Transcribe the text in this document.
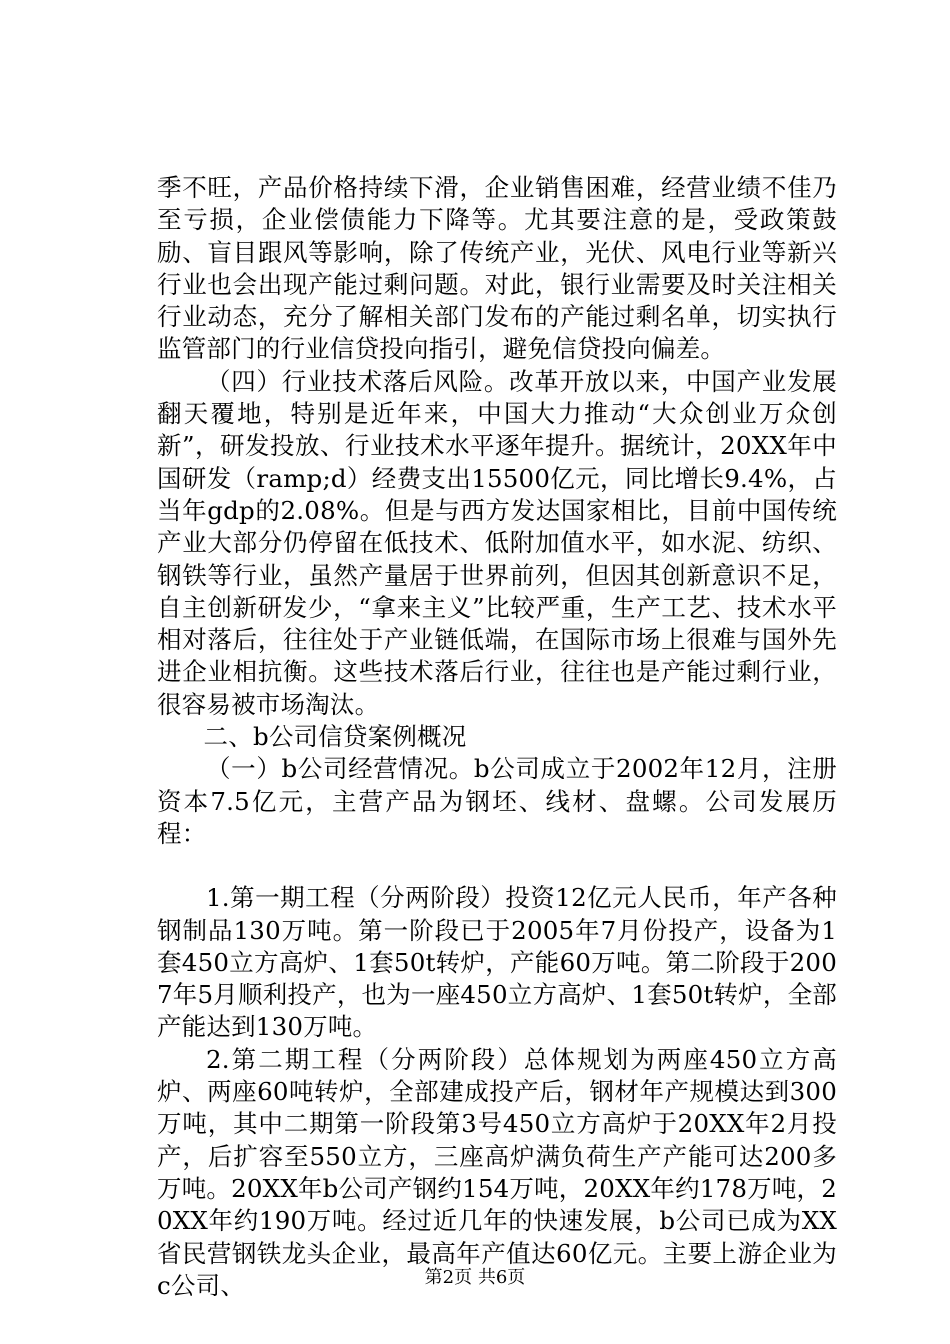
季不旺，产品价格持续下滑，企业销售困难，经营业绩不佳乃至亏损，企业偿债能力下降等。尤其要注意的是，受政策鼓励、盲目跟风等影响，除了传统产业，光伏、风电行业等新兴行业也会出现产能过剩问题。对此，银行业需要及时关注相关行业动态，充分了解相关部门发布的产能过剩名单，切实执行监管部门的行业信贷投向指引，避免信贷投向偏差。

（四）行业技术落后风险。改革开放以来，中国产业发展翻天覆地，特别是近年来，中国大力推动“大众创业万众创新”，研发投放、行业技术水平逐年提升。据统计，20XX年中国研发（ramp;d）经费支出15500亿元，同比增长9.4%，占当年gdp的2.08%。但是与西方发达国家相比，目前中国传统产业大部分仍停留在低技术、低附加值水平，如水泥、纺织、钢铁等行业，虽然产量居于世界前列，但因其创新意识不足，自主创新研发少，“拿来主义”比较严重，生产工艺、技术水平相对落后，往往处于产业链低端，在国际市场上很难与国外先进企业相抗衡。这些技术落后行业，往往也是产能过剩行业，很容易被市场淘汰。

二、b公司信贷案例概况

（一）b公司经营情况。b公司成立于2002年12月，注册资本7.5亿元，主营产品为钢坯、线材、盘螺。公司发展历程：

1.第一期工程（分两阶段）投资12亿元人民币，年产各种钢制品130万吨。第一阶段已于2005年7月份投产，设备为1套450立方高炉、1套50t转炉，产能60万吨。第二阶段于2007年5月顺利投产，也为一座450立方高炉、1套50t转炉，全部产能达到130万吨。

2.第二期工程（分两阶段）总体规划为两座450立方高炉、两座60吨转炉，全部建成投产后，钢材年产规模达到300万吨，其中二期第一阶段第3号450立方高炉于20XX年2月投产，后扩容至550立方，三座高炉满负荷生产产能可达200多万吨。20XX年b公司产钢约154万吨，20XX年约178万吨，20XX年约190万吨。经过近几年的快速发展，b公司已成为XX省民营钢铁龙头企业，最高年产值达60亿元。主要上游企业为c公司、	第2页 共6页
